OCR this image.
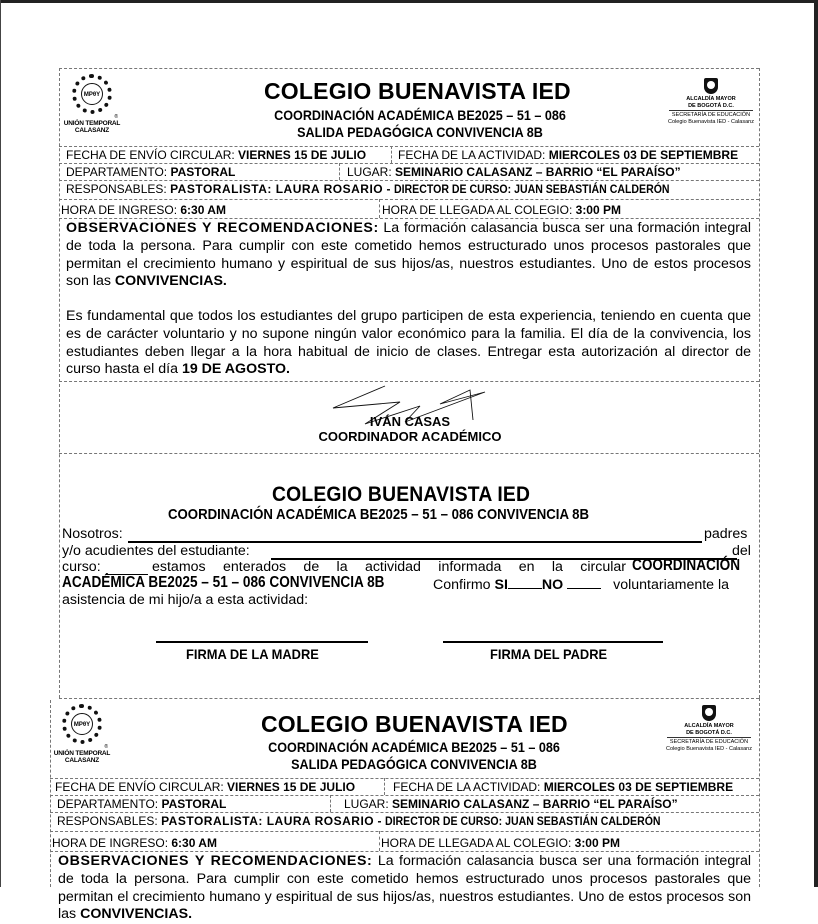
MPθY
®
UNIÓN TEMPORAL
CALASANZ
COLEGIO BUENAVISTA IED
COORDINACIÓN ACADÉMICA BE2025 – 51 – 086
SALIDA PEDAGÓGICA CONVIVENCIA 8B
ALCALDÍA MAYOR
DE BOGOTÁ D.C.
SECRETARÍA DE EDUCACIÓN
Colegio Buenavista IED - Calasanz
FECHA DE ENVÍO CIRCULAR: VIERNES 15 DE JULIO	FECHA DE LA ACTIVIDAD: MIERCOLES 03 DE SEPTIEMBRE
DEPARTAMENTO: PASTORAL	LUGAR: SEMINARIO CALASANZ – BARRIO “EL PARAÍSO”
RESPONSABLES: PASTORALISTA: LAURA ROSARIO - DIRECTOR DE CURSO: JUAN SEBASTIÁN CALDERÓN
HORA DE INGRESO: 6:30 AM	HORA DE LLEGADA AL COLEGIO: 3:00 PM
OBSERVACIONES Y RECOMENDACIONES: La formación calasancia busca ser una formación integral de toda la persona. Para cumplir con este cometido hemos estructurado unos procesos pastorales que permitan el crecimiento humano y espiritual de sus hijos/as, nuestros estudiantes. Uno de estos procesos son las CONVIVENCIAS.
Es fundamental que todos los estudiantes del grupo participen de esta experiencia, teniendo en cuenta que es de carácter voluntario y no supone ningún valor económico para la familia. El día de la convivencia, los estudiantes deben llegar a la hora habitual de inicio de clases. Entregar esta autorización al director de curso hasta el día 19 DE AGOSTO.
IVÁN CASAS
COORDINADOR ACADÉMICO
COLEGIO BUENAVISTA IED
COORDINACIÓN ACADÉMICA BE2025 – 51 – 086 CONVIVENCIA 8B
Nosotros:	padres
y/o acudientes del estudiante:	del
curso:	estamos enterados de la actividad informada en la circular COORDINACIÓN
ACADÉMICA BE2025 – 51 – 086 CONVIVENCIA 8B	Confirmo SI NO	voluntariamente la
asistencia de mi hijo/a a esta actividad:
FIRMA DE LA MADRE	FIRMA DEL PADRE
MPθY
®
UNIÓN TEMPORAL
CALASANZ
COLEGIO BUENAVISTA IED
COORDINACIÓN ACADÉMICA BE2025 – 51 – 086
SALIDA PEDAGÓGICA CONVIVENCIA 8B
ALCALDÍA MAYOR
DE BOGOTÁ D.C.
SECRETARÍA DE EDUCACIÓN
Colegio Buenavista IED - Calasanz
FECHA DE ENVÍO CIRCULAR: VIERNES 15 DE JULIO	FECHA DE LA ACTIVIDAD: MIERCOLES 03 DE SEPTIEMBRE
DEPARTAMENTO: PASTORAL	LUGAR: SEMINARIO CALASANZ – BARRIO “EL PARAÍSO”
RESPONSABLES: PASTORALISTA: LAURA ROSARIO - DIRECTOR DE CURSO: JUAN SEBASTIÁN CALDERÓN
HORA DE INGRESO: 6:30 AM	HORA DE LLEGADA AL COLEGIO: 3:00 PM
OBSERVACIONES Y RECOMENDACIONES: La formación calasancia busca ser una formación integral de toda la persona. Para cumplir con este cometido hemos estructurado unos procesos pastorales que permitan el crecimiento humano y espiritual de sus hijos/as, nuestros estudiantes. Uno de estos procesos son las CONVIVENCIAS.
